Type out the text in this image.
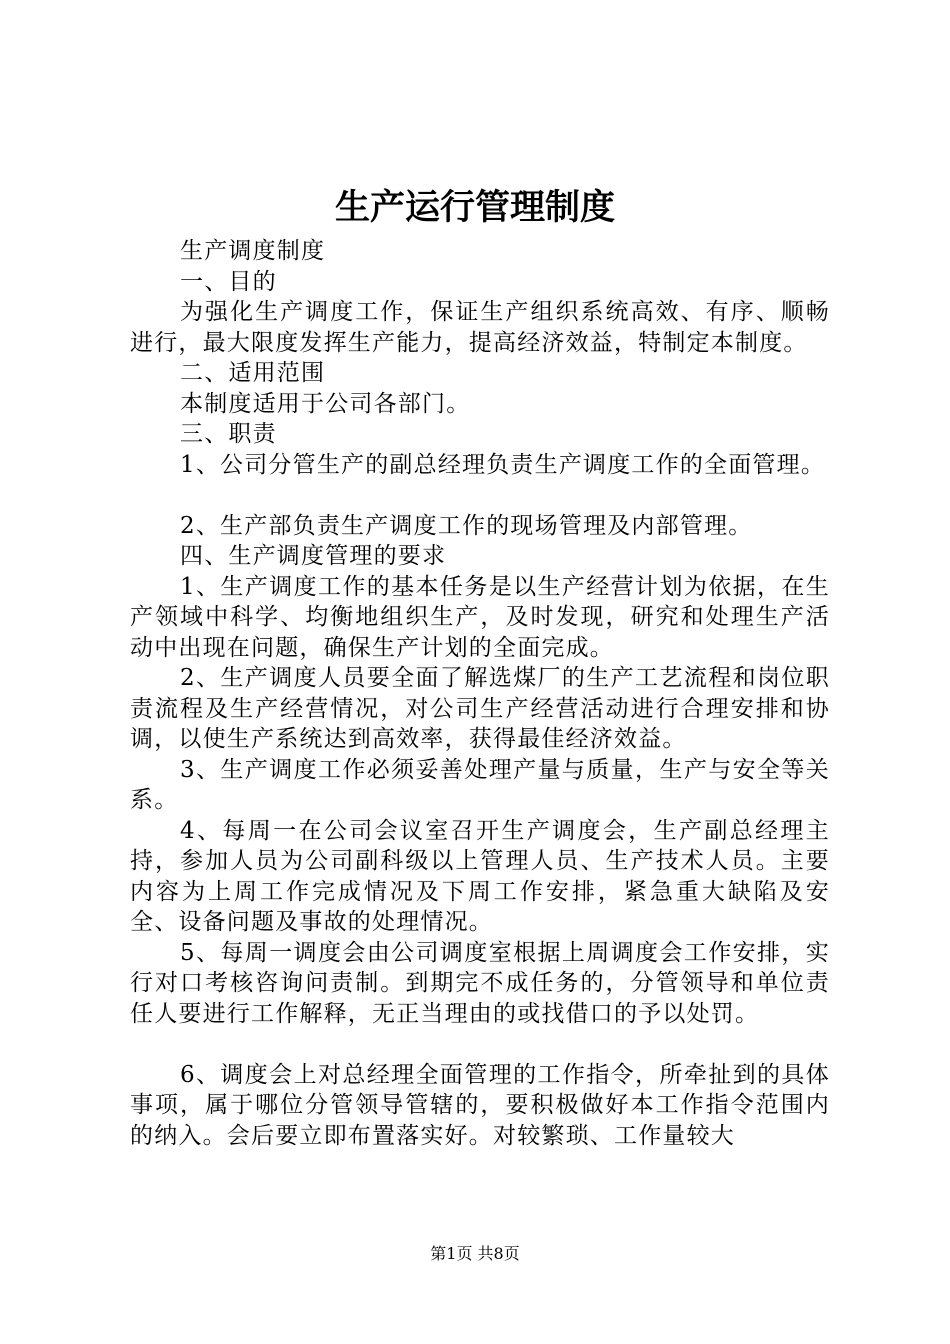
生产运行管理制度

生产调度制度

一、目的

为强化生产调度工作，保证生产组织系统高效、有序、顺畅进行，最大限度发挥生产能力，提高经济效益，特制定本制度。

二、适用范围

本制度适用于公司各部门。

三、职责

1、公司分管生产的副总经理负责生产调度工作的全面管理。

2、生产部负责生产调度工作的现场管理及内部管理。

四、生产调度管理的要求

1、生产调度工作的基本任务是以生产经营计划为依据，在生产领域中科学、均衡地组织生产，及时发现，研究和处理生产活动中出现在问题，确保生产计划的全面完成。

2、生产调度人员要全面了解选煤厂的生产工艺流程和岗位职责流程及生产经营情况，对公司生产经营活动进行合理安排和协调，以使生产系统达到高效率，获得最佳经济效益。

3、生产调度工作必须妥善处理产量与质量，生产与安全等关系。

4、每周一在公司会议室召开生产调度会，生产副总经理主持，参加人员为公司副科级以上管理人员、生产技术人员。主要内容为上周工作完成情况及下周工作安排，紧急重大缺陷及安全、设备问题及事故的处理情况。

5、每周一调度会由公司调度室根据上周调度会工作安排，实行对口考核咨询问责制。到期完不成任务的，分管领导和单位责任人要进行工作解释，无正当理由的或找借口的予以处罚。

6、调度会上对总经理全面管理的工作指令，所牵扯到的具体事项，属于哪位分管领导管辖的，要积极做好本工作指令范围内的纳入。会后要立即布置落实好。对较繁琐、工作量较大

第1页 共8页
